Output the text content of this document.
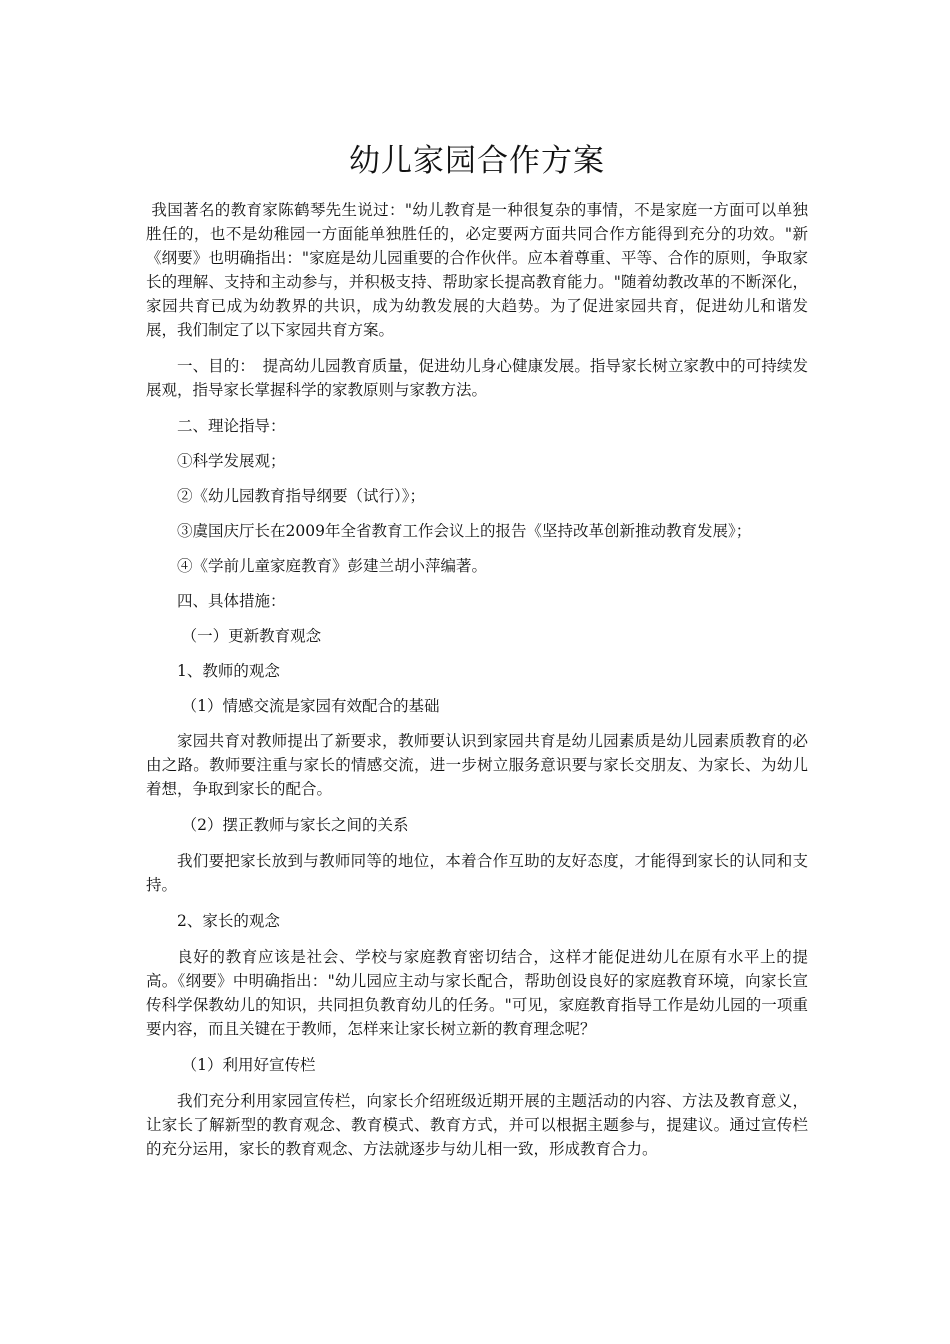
幼儿家园合作方案

我国著名的教育家陈鹤琴先生说过："幼儿教育是一种很复杂的事情，不是家庭一方面可以单独胜任的，也不是幼稚园一方面能单独胜任的，必定要两方面共同合作方能得到充分的功效。"新《纲要》也明确指出："家庭是幼儿园重要的合作伙伴。应本着尊重、平等、合作的原则，争取家长的理解、支持和主动参与，并积极支持、帮助家长提高教育能力。"随着幼教改革的不断深化，家园共育已成为幼教界的共识，成为幼教发展的大趋势。为了促进家园共育，促进幼儿和谐发展，我们制定了以下家园共育方案。

一、目的：　提高幼儿园教育质量，促进幼儿身心健康发展。指导家长树立家教中的可持续发展观，指导家长掌握科学的家教原则与家教方法。

二、理论指导：

①科学发展观；

②《幼儿园教育指导纲要（试行）》；

③虞国庆厅长在2009年全省教育工作会议上的报告《坚持改革创新推动教育发展》；

④《学前儿童家庭教育》彭建兰胡小萍编著。

四、具体措施：

（一）更新教育观念

1、教师的观念

（1）情感交流是家园有效配合的基础

家园共育对教师提出了新要求，教师要认识到家园共育是幼儿园素质是幼儿园素质教育的必由之路。教师要注重与家长的情感交流，进一步树立服务意识要与家长交朋友、为家长、为幼儿着想，争取到家长的配合。

（2）摆正教师与家长之间的关系

我们要把家长放到与教师同等的地位，本着合作互助的友好态度，才能得到家长的认同和支持。

2、家长的观念

良好的教育应该是社会、学校与家庭教育密切结合，这样才能促进幼儿在原有水平上的提高。《纲要》中明确指出："幼儿园应主动与家长配合，帮助创设良好的家庭教育环境，向家长宣传科学保教幼儿的知识，共同担负教育幼儿的任务。"可见，家庭教育指导工作是幼儿园的一项重要内容，而且关键在于教师，怎样来让家长树立新的教育理念呢？

（1）利用好宣传栏

我们充分利用家园宣传栏，向家长介绍班级近期开展的主题活动的内容、方法及教育意义，让家长了解新型的教育观念、教育模式、教育方式，并可以根据主题参与，提建议。通过宣传栏的充分运用，家长的教育观念、方法就逐步与幼儿相一致，形成教育合力。
